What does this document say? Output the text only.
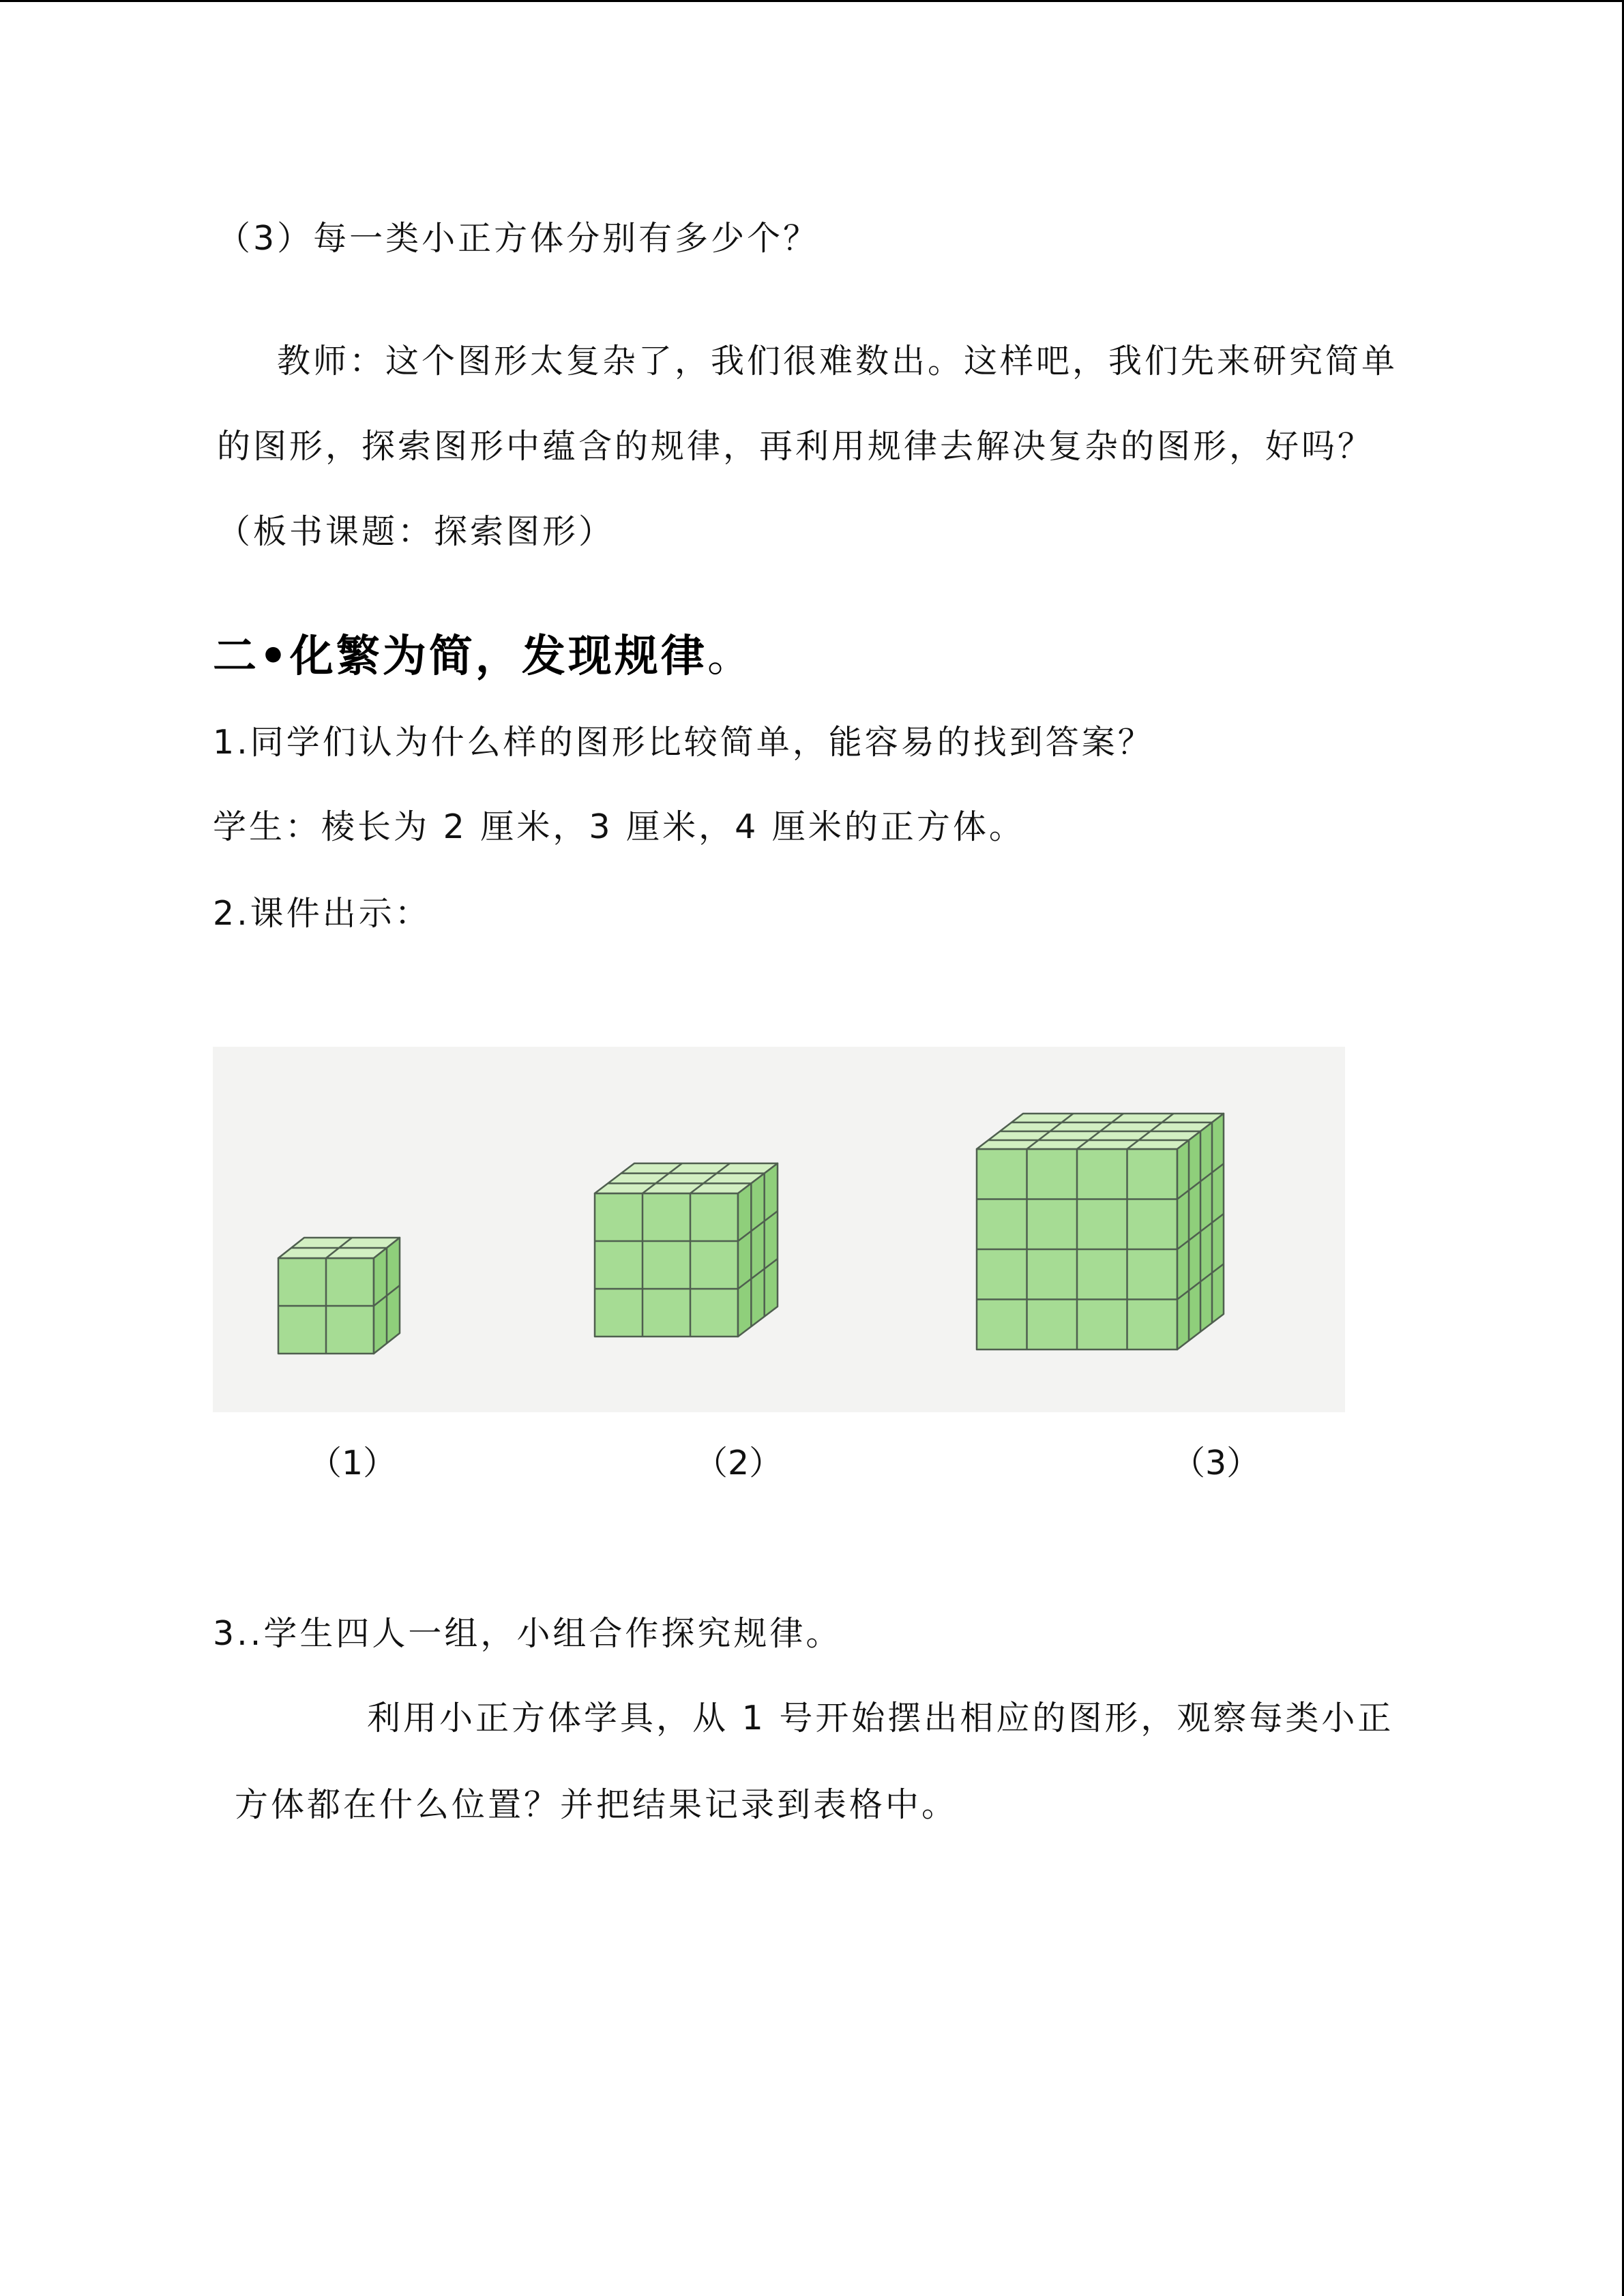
（3）每一类小正方体分别有多少个？
教师：这个图形太复杂了，我们很难数出。这样吧，我们先来研究简单
的图形，探索图形中蕴含的规律，再利用规律去解决复杂的图形，好吗？
（板书课题：探索图形）
二•化繁为简，发现规律。
1.同学们认为什么样的图形比较简单，能容易的找到答案？
学生：棱长为 2 厘米，3 厘米，4 厘米的正方体。
2.课件出示：
（1）	（2）	（3）
3..学生四人一组，小组合作探究规律。
利用小正方体学具，从 1 号开始摆出相应的图形，观察每类小正
方体都在什么位置？并把结果记录到表格中。
